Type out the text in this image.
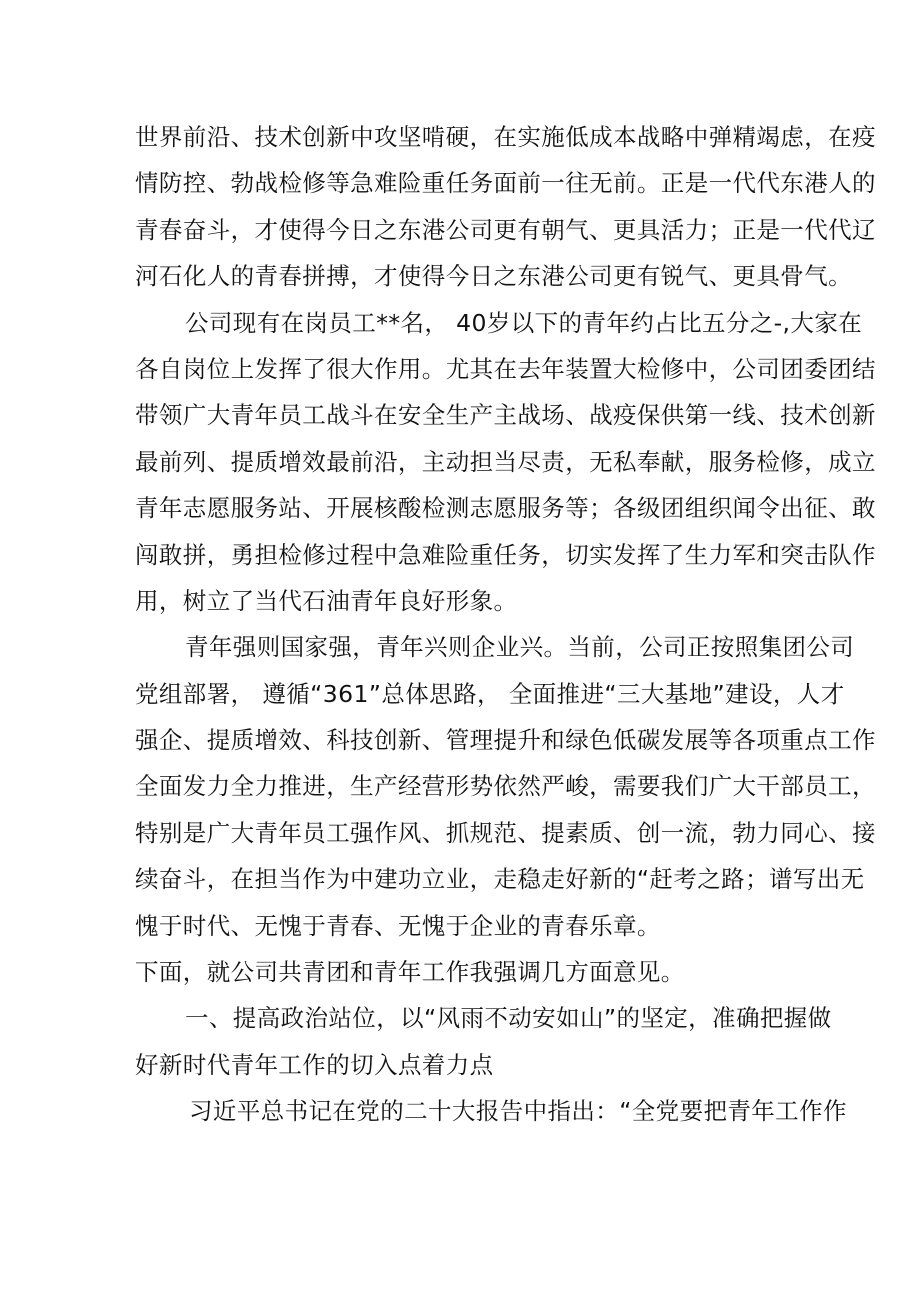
世界前沿、技术创新中攻坚啃硬，在实施低成本战略中弹精竭虑，在疫
情防控、勃战检修等急难险重任务面前一往无前。正是一代代东港人的
青春奋斗，才使得今日之东港公司更有朝气、更具活力；正是一代代辽
河石化人的青春拼搏，才使得今日之东港公司更有锐气、更具骨气。
公司现有在岗员工**名， 40岁以下的青年约占比五分之-,大家在
各自岗位上发挥了很大作用。尤其在去年装置大检修中，公司团委团结
带领广大青年员工战斗在安全生产主战场、战疫保供第一线、技术创新
最前列、提质增效最前沿，主动担当尽责，无私奉献，服务检修，成立
青年志愿服务站、开展核酸检测志愿服务等；各级团组织闻令出征、敢
闯敢拼，勇担检修过程中急难险重任务，切实发挥了生力军和突击队作
用，树立了当代石油青年良好形象。
青年强则国家强，青年兴则企业兴。当前，公司正按照集团公司
党组部署， 遵循“361”总体思路， 全面推进“三大基地”建设，人才
强企、提质增效、科技创新、管理提升和绿色低碳发展等各项重点工作
全面发力全力推进，生产经营形势依然严峻，需要我们广大干部员工，
特别是广大青年员工强作风、抓规范、提素质、创一流，勃力同心、接
续奋斗，在担当作为中建功立业，走稳走好新的“赶考之路；谱写出无
愧于时代、无愧于青春、无愧于企业的青春乐章。
下面，就公司共青团和青年工作我强调几方面意见。
一、提高政治站位，以“风雨不动安如山”的坚定，准确把握做
好新时代青年工作的切入点着力点
习近平总书记在党的二十大报告中指出：“全党要把青年工作作
